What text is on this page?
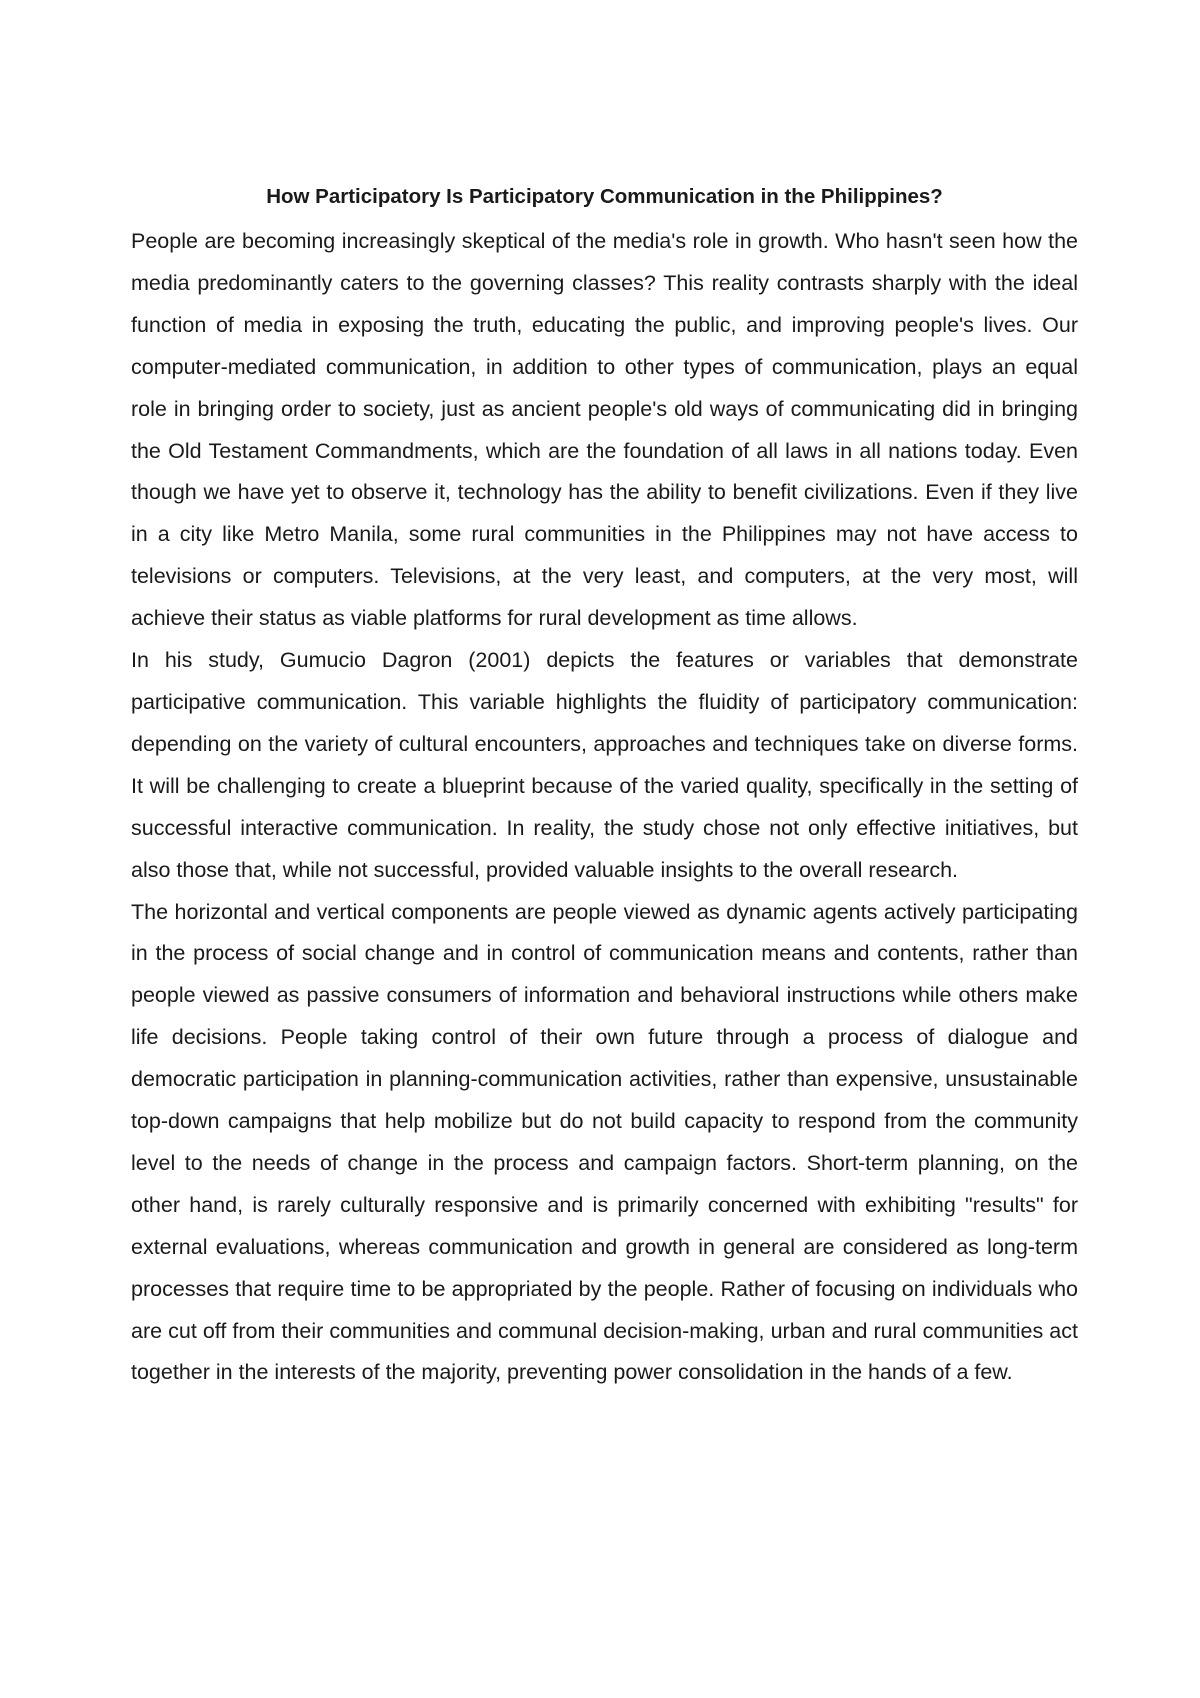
How Participatory Is Participatory Communication in the Philippines?

People are becoming increasingly skeptical of the media's role in growth. Who hasn't seen how the media predominantly caters to the governing classes? This reality contrasts sharply with the ideal function of media in exposing the truth, educating the public, and improving people's lives. Our computer-mediated communication, in addition to other types of communication, plays an equal role in bringing order to society, just as ancient people's old ways of communicating did in bringing the Old Testament Commandments, which are the foundation of all laws in all nations today. Even though we have yet to observe it, technology has the ability to benefit civilizations. Even if they live in a city like Metro Manila, some rural communities in the Philippines may not have access to televisions or computers. Televisions, at the very least, and computers, at the very most, will achieve their status as viable platforms for rural development as time allows.

In his study, Gumucio Dagron (2001) depicts the features or variables that demonstrate participative communication. This variable highlights the fluidity of participatory communication: depending on the variety of cultural encounters, approaches and techniques take on diverse forms. It will be challenging to create a blueprint because of the varied quality, specifically in the setting of successful interactive communication. In reality, the study chose not only effective initiatives, but also those that, while not successful, provided valuable insights to the overall research.

The horizontal and vertical components are people viewed as dynamic agents actively participating in the process of social change and in control of communication means and contents, rather than people viewed as passive consumers of information and behavioral instructions while others make life decisions. People taking control of their own future through a process of dialogue and democratic participation in planning-communication activities, rather than expensive, unsustainable top-down campaigns that help mobilize but do not build capacity to respond from the community level to the needs of change in the process and campaign factors. Short-term planning, on the other hand, is rarely culturally responsive and is primarily concerned with exhibiting "results" for external evaluations, whereas communication and growth in general are considered as long-term processes that require time to be appropriated by the people. Rather of focusing on individuals who are cut off from their communities and communal decision-making, urban and rural communities act together in the interests of the majority, preventing power consolidation in the hands of a few.
